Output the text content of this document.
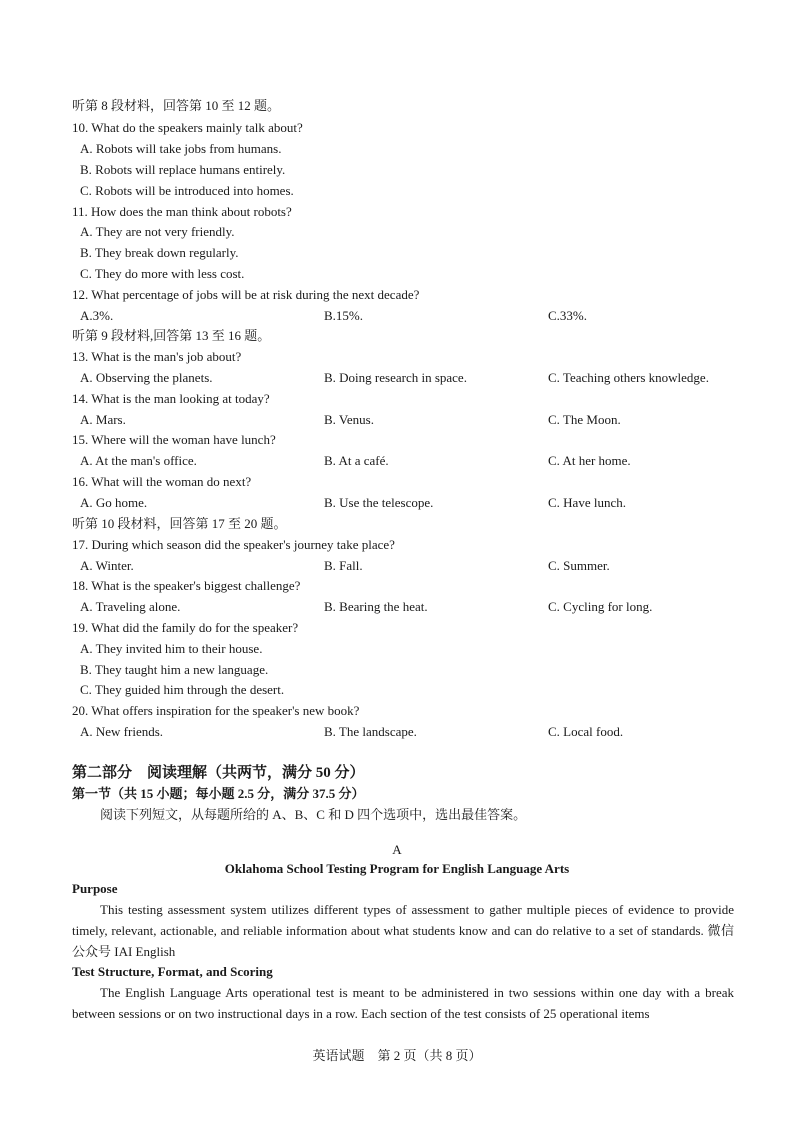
听第 8 段材料，回答第 10 至 12 题。
10. What do the speakers mainly talk about?
A. Robots will take jobs from humans.
B. Robots will replace humans entirely.
C. Robots will be introduced into homes.
11. How does the man think about robots?
A. They are not very friendly.
B. They break down regularly.
C. They do more with less cost.
12. What percentage of jobs will be at risk during the next decade?
A.3%.	B.15%.	C.33%.
听第 9 段材料,回答第 13 至 16 题。
13. What is the man's job about?
A. Observing the planets.	B. Doing research in space.	C. Teaching others knowledge.
14. What is the man looking at today?
A. Mars.	B. Venus.	C. The Moon.
15. Where will the woman have lunch?
A. At the man's office.	B. At a café.	C. At her home.
16. What will the woman do next?
A. Go home.	B. Use the telescope.	C. Have lunch.
听第 10 段材料，回答第 17 至 20 题。
17. During which season did the speaker's journey take place?
A. Winter.	B. Fall.	C. Summer.
18. What is the speaker's biggest challenge?
A. Traveling alone.	B. Bearing the heat.	C. Cycling for long.
19. What did the family do for the speaker?
A. They invited him to their house.
B. They taught him a new language.
C. They guided him through the desert.
20. What offers inspiration for the speaker's new book?
A. New friends.	B. The landscape.	C. Local food.
第二部分　阅读理解（共两节，满分 50 分）
第一节（共 15 小题；每小题 2.5 分，满分 37.5 分）
阅读下列短文，从每题所给的 A、B、C 和 D 四个选项中，选出最佳答案。
A
Oklahoma School Testing Program for English Language Arts
Purpose
This testing assessment system utilizes different types of assessment to gather multiple pieces of evidence to provide timely, relevant, actionable, and reliable information about what students know and can do relative to a set of standards. 微信公众号 IAI English
Test Structure, Format, and Scoring
The English Language Arts operational test is meant to be administered in two sessions within one day with a break between sessions or on two instructional days in a row. Each section of the test consists of 25 operational items
英语试题　第 2 页（共 8 页）
